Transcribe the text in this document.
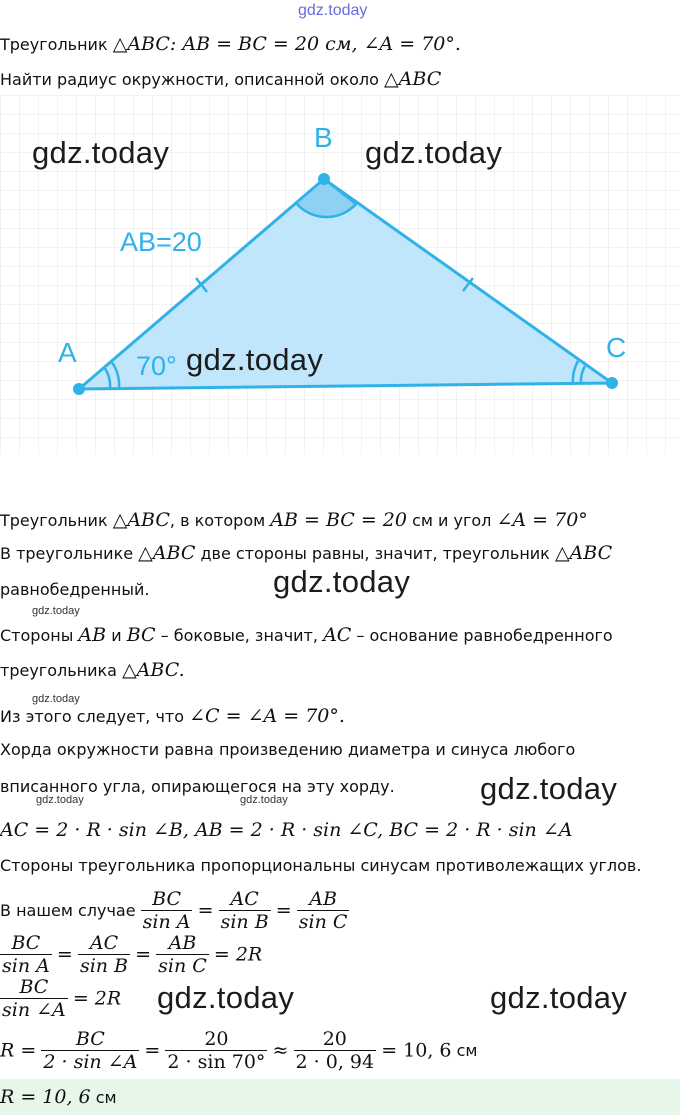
gdz.today
Треугольник △ABC: AB = BC = 20 см, ∠A = 70°.
Найти радиус окружности, описанной около △ABC
A
B
C
AB=20
70°
gdz.today	gdz.today
gdz.today
gdz.today
gdz.today
gdz.today	gdz.today
gdz.today
gdz.today
gdz.today	gdz.today
Треугольник △ABC, в котором AB = BC = 20 см и угол ∠A = 70°
В треугольнике △ABC две стороны равны, значит, треугольник △ABC
равнобедренный.
Стороны AB и BC – боковые, значит, AC – основание равнобедренного
треугольника △ABC.
Из этого следует, что ∠C = ∠A = 70°.
Хорда окружности равна произведению диаметра и синуса любого
вписанного угла, опирающегося на эту хорду.
AC = 2 · R · sin ∠B, AB = 2 · R · sin ∠C, BC = 2 · R · sin ∠A
Стороны треугольника пропорциональны синусам противолежащих углов.
В нашем случае $\frac{BC}{\text{sin A}} = \frac{AC}{\text{sin B}} = \frac{AB}{\text{sin C}}$
$\frac{BC}{\text{sin A}} = \frac{AC}{\text{sin B}} = \frac{AB}{\text{sin C}} = 2R$
$\frac{BC}{\sin \angle A} = 2R$
$R = \frac{BC}{2 \cdot \sin \angle A} = \frac{20}{2 \cdot \sin 70^\circ} \approx \frac{20}{2 \cdot 0, 94} = 10$, 6 см
R = 10, 6 см
